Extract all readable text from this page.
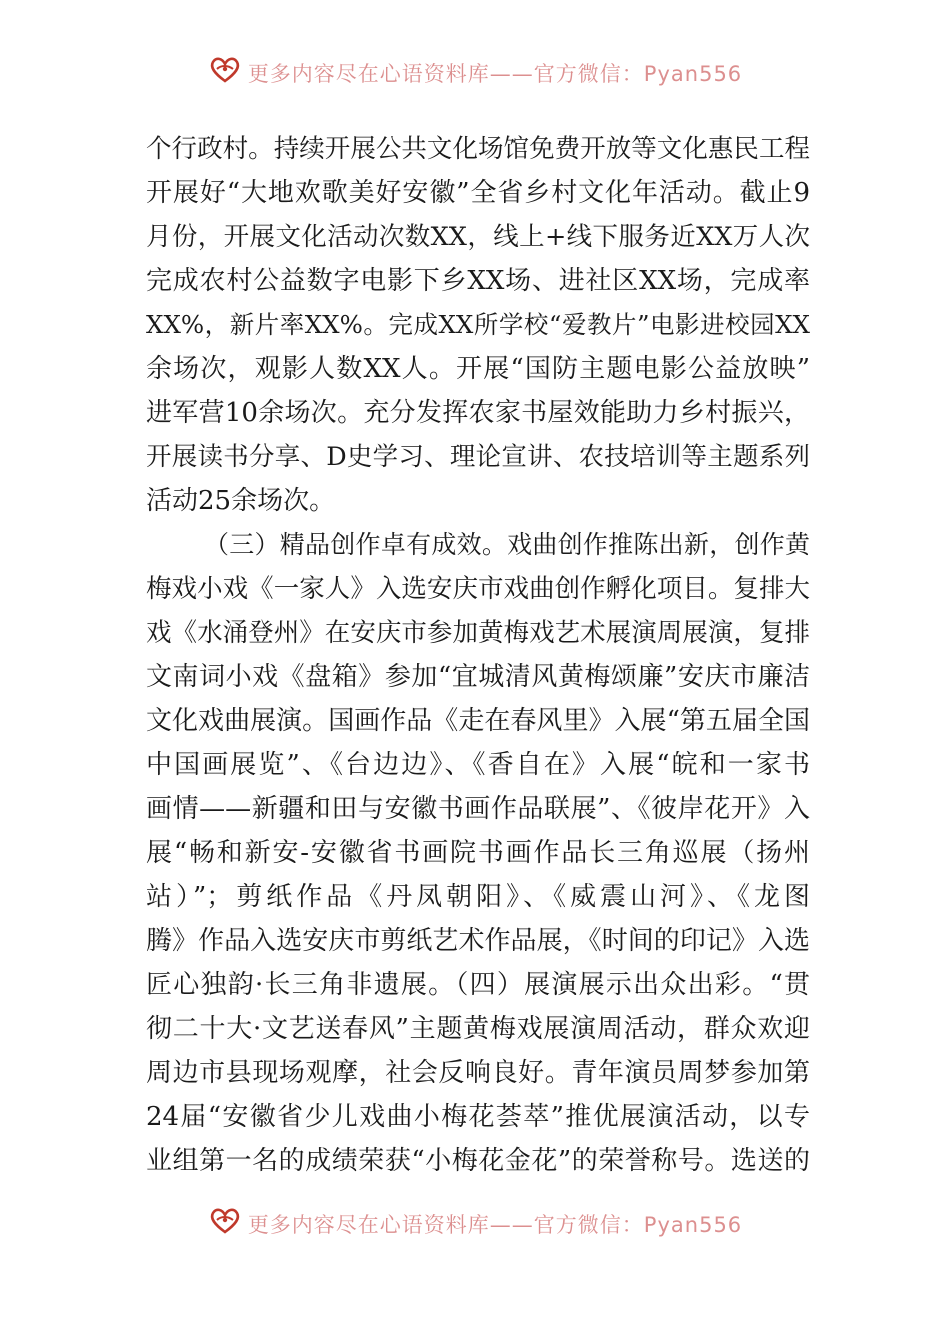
更多内容尽在心语资料库——官方微信：Pyan556
个行政村。持续开展公共文化场馆免费开放等文化惠民工程
开展好“大地欢歌美好安徽”全省乡村文化年活动。截止9
月份，开展文化活动次数XX，线上+线下服务近XX万人次
完成农村公益数字电影下乡XX场、进社区XX场，完成率
XX%，新片率XX%。完成XX所学校“爱教片”电影进校园XX
余场次，观影人数XX人。开展“国防主题电影公益放映”
进军营10余场次。充分发挥农家书屋效能助力乡村振兴，
开展读书分享、D史学习、理论宣讲、农技培训等主题系列
活动25余场次。
（三）精品创作卓有成效。戏曲创作推陈出新，创作黄
梅戏小戏《一家人》入选安庆市戏曲创作孵化项目。复排大
戏《水涌登州》在安庆市参加黄梅戏艺术展演周展演，复排
文南词小戏《盘箱》参加“宜城清风黄梅颂廉”安庆市廉洁
文化戏曲展演。国画作品《走在春风里》入展“第五届全国
中国画展览”、《台边边》、《香自在》入展“皖和一家书
画情——新疆和田与安徽书画作品联展”、《彼岸花开》入
展“畅和新安-安徽省书画院书画作品长三角巡展（扬州
站）”；剪纸作品《丹凤朝阳》、《威震山河》、《龙图
腾》作品入选安庆市剪纸艺术作品展，《时间的印记》入选
匠心独韵·长三角非遗展。（四）展演展示出众出彩。“贯
彻二十大·文艺送春风”主题黄梅戏展演周活动，群众欢迎
周边市县现场观摩，社会反响良好。青年演员周梦参加第
24届“安徽省少儿戏曲小梅花荟萃”推优展演活动，以专
业组第一名的成绩荣获“小梅花金花”的荣誉称号。选送的
更多内容尽在心语资料库——官方微信：Pyan556
